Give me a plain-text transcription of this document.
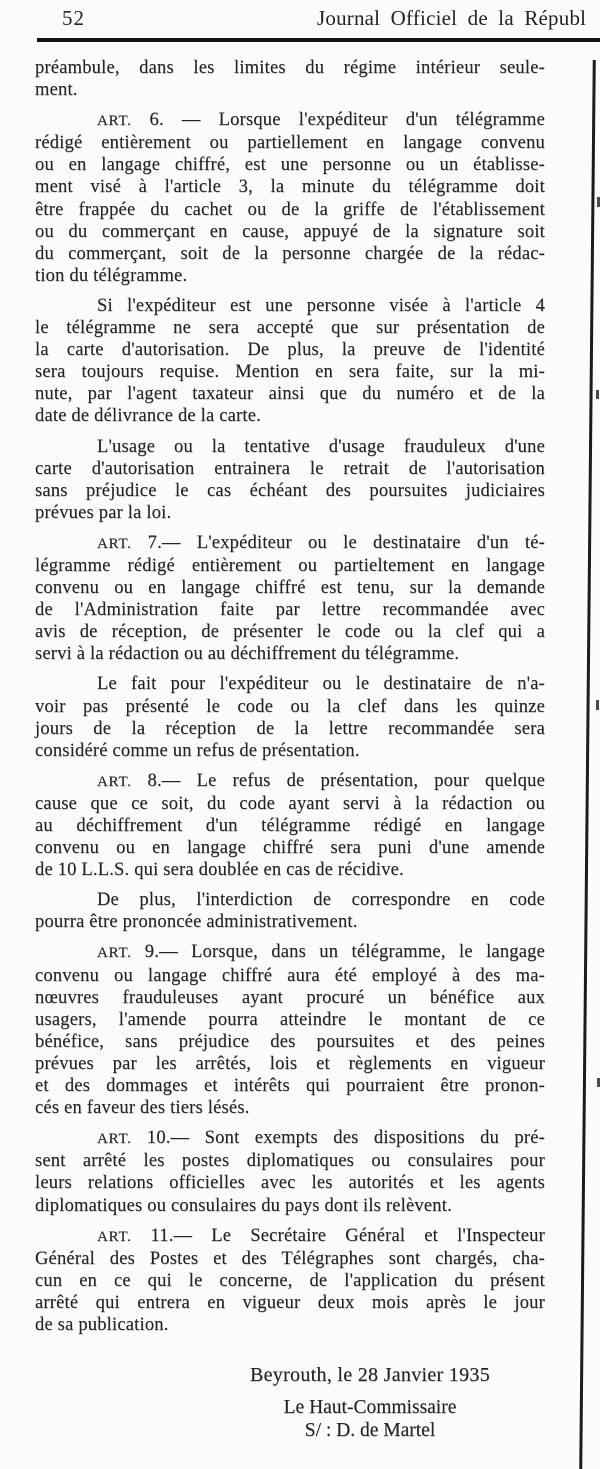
52	Journal Officiel de la Républ
préambule, dans les limites du régime intérieur seule-
ment.
ART. 6. — Lorsque l'expéditeur d'un télégramme
rédigé entièrement ou partiellement en langage convenu
ou en langage chiffré, est une personne ou un établisse-
ment visé à l'article 3, la minute du télégramme doit
être frappée du cachet ou de la griffe de l'établissement
ou du commerçant en cause, appuyé de la signature soit
du commerçant, soit de la personne chargée de la rédac-
tion du télégramme.
Si l'expéditeur est une personne visée à l'article 4
le télégramme ne sera accepté que sur présentation de
la carte d'autorisation. De plus, la preuve de l'identité
sera toujours requise. Mention en sera faite, sur la mi-
nute, par l'agent taxateur ainsi que du numéro et de la
date de délivrance de la carte.
L'usage ou la tentative d'usage frauduleux d'une
carte d'autorisation entrainera le retrait de l'autorisation
sans préjudice le cas échéant des poursuites judiciaires
prévues par la loi.
ART. 7.— L'expéditeur ou le destinataire d'un té-
légramme rédigé entièrement ou partieltement en langage
convenu ou en langage chiffré est tenu, sur la demande
de l'Administration faite par lettre recommandée avec
avis de réception, de présenter le code ou la clef qui a
servi à la rédaction ou au déchiffrement du télégramme.
Le fait pour l'expéditeur ou le destinataire de n'a-
voir pas présenté le code ou la clef dans les quinze
jours de la réception de la lettre recommandée sera
considéré comme un refus de présentation.
ART. 8.— Le refus de présentation, pour quelque
cause que ce soit, du code ayant servi à la rédaction ou
au déchiffrement d'un télégramme rédigé en langage
convenu ou en langage chiffré sera puni d'une amende
de 10 L.L.S. qui sera doublée en cas de récidive.
De plus, l'interdiction de correspondre en code
pourra être prononcée administrativement.
ART. 9.— Lorsque, dans un télégramme, le langage
convenu ou langage chiffré aura été employé à des ma-
nœuvres frauduleuses ayant procuré un bénéfice aux
usagers, l'amende pourra atteindre le montant de ce
bénéfice, sans préjudice des poursuites et des peines
prévues par les arrêtés, lois et règlements en vigueur
et des dommages et intérêts qui pourraient être pronon-
cés en faveur des tiers lésés.
ART. 10.— Sont exempts des dispositions du pré-
sent arrêté les postes diplomatiques ou consulaires pour
leurs relations officielles avec les autorités et les agents
diplomatiques ou consulaires du pays dont ils relèvent.
ART. 11.— Le Secrétaire Général et l'Inspecteur
Général des Postes et des Télégraphes sont chargés, cha-
cun en ce qui le concerne, de l'application du présent
arrêté qui entrera en vigueur deux mois après le jour
de sa publication.
Beyrouth, le 28 Janvier 1935
Le Haut-Commissaire
S/ : D. de Martel
